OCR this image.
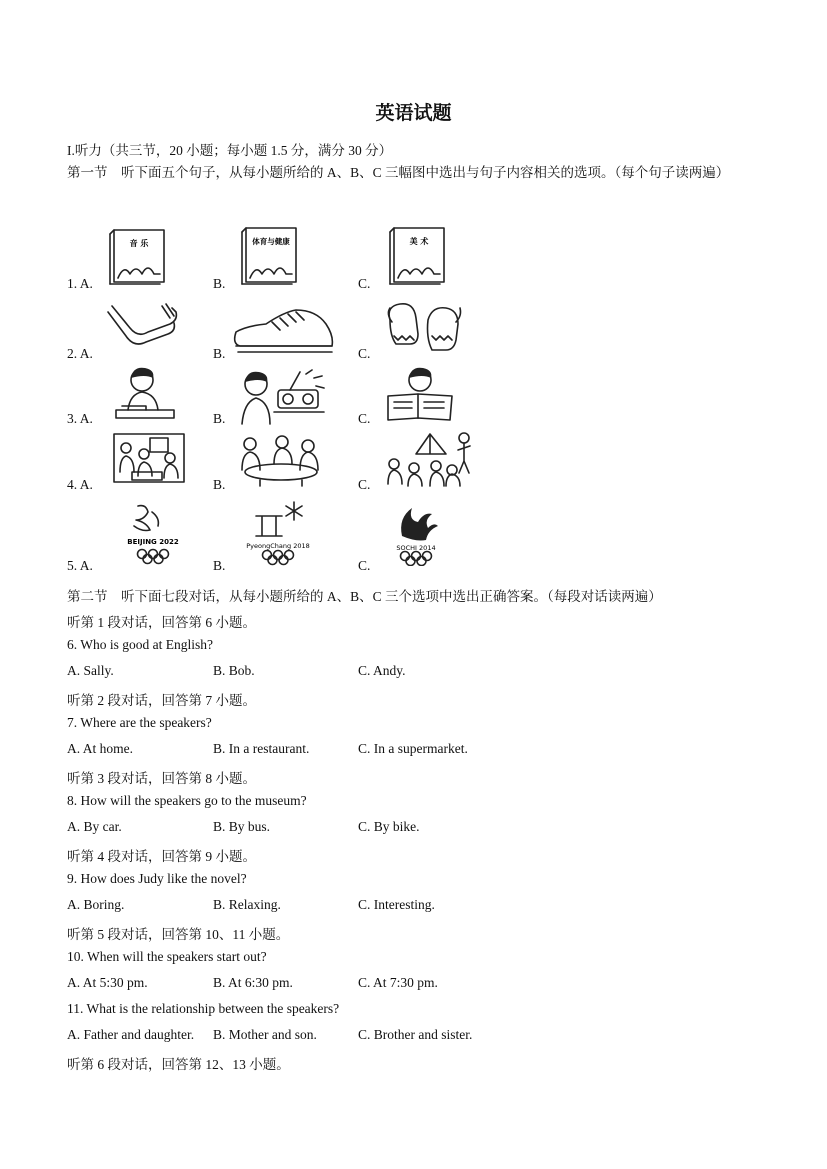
英语试题
I.听力（共三节，20 小题；每小题 1.5 分，满分 30 分）
第一节　听下面五个句子，从每小题所给的 A、B、C 三幅图中选出与句子内容相关的选项。（每个句子读两遍）
1. A.	B.	C.
音 乐	体育与健康	美 术
2. A.	B.	C.
3. A.	B.	C.
4. A.	B.	C.
5. A.	B.	C.
BEIJING 2022	PyeongChang 2018	SOCHI 2014
第二节　听下面七段对话，从每小题所给的 A、B、C 三个选项中选出正确答案。（每段对话读两遍）
听第 1 段对话，回答第 6 小题。
6. Who is good at English?
A. Sally.	B. Bob.	C. Andy.
听第 2 段对话，回答第 7 小题。
7. Where are the speakers?
A. At home.	B. In a restaurant.	C. In a supermarket.
听第 3 段对话，回答第 8 小题。
8. How will the speakers go to the museum?
A. By car.	B. By bus.	C. By bike.
听第 4 段对话，回答第 9 小题。
9. How does Judy like the novel?
A. Boring.	B. Relaxing.	C. Interesting.
听第 5 段对话，回答第 10、11 小题。
10. When will the speakers start out?
A. At 5:30 pm.	B. At 6:30 pm.	C. At 7:30 pm.
11. What is the relationship between the speakers?
A. Father and daughter. B. Mother and son.	C. Brother and sister.
听第 6 段对话，回答第 12、13 小题。
